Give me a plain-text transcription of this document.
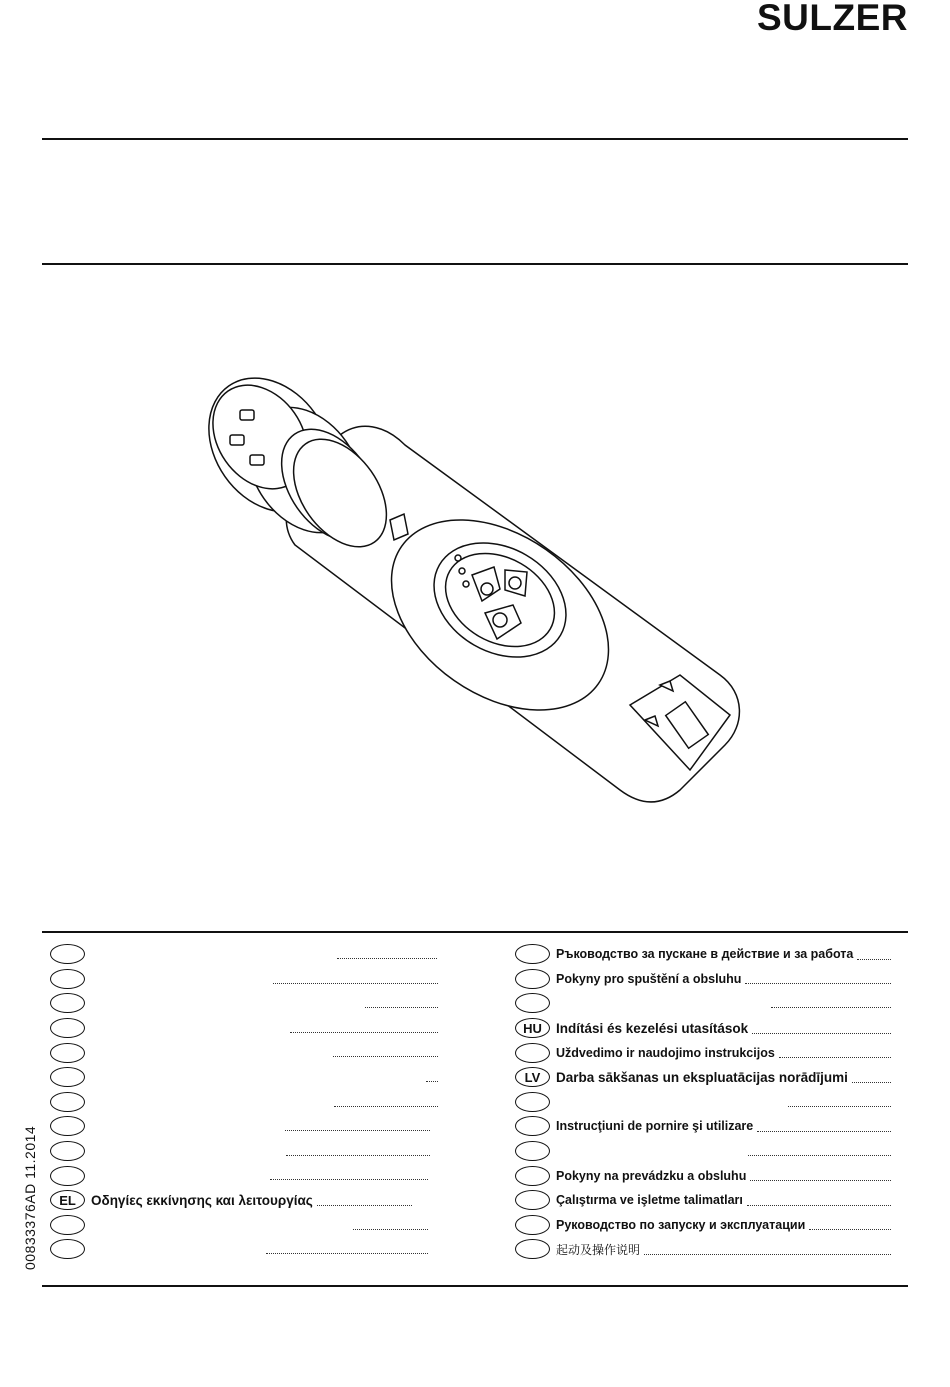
SULZER
00833376AD 11.2014	EL	Οδηγίες εκκίνησης και λειτουργίας
Ръководство за пускане в действие и за работа
Pokyny pro spuštění a obsluhu
HU	Indítási és kezelési utasítások
Uždvedimo ir naudojimo instrukcijos
LV	Darba sākšanas un ekspluatācijas norādījumi
Instrucţiuni de pornire şi utilizare
Pokyny na prevádzku a obsluhu
Çalıştırma ve işletme talimatları
Руководство по запуску и эксплуатации
起动及操作说明
